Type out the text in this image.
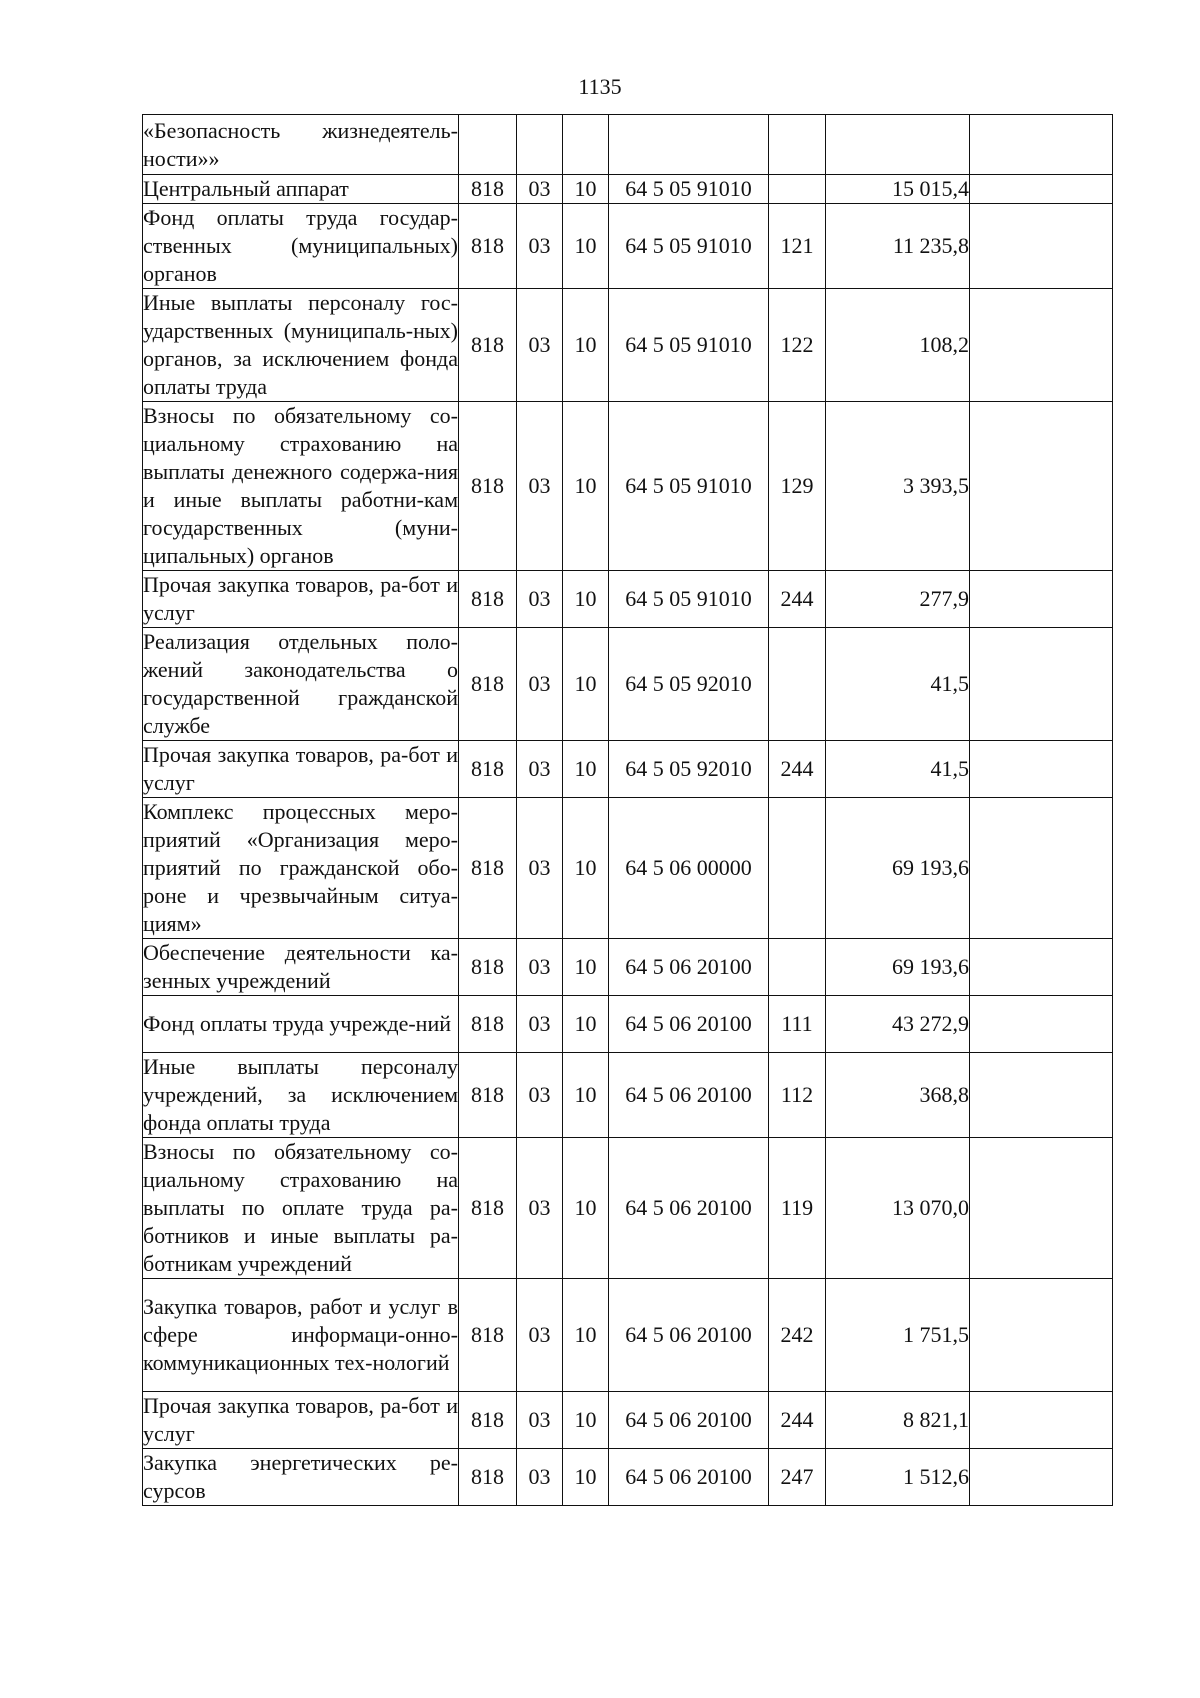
1135
«Безопасность жизнедеятель-ности»»							
Центральный аппарат	818	03	10	64 5 05 91010		15 015,4	
Фонд оплаты труда государ-ственных (муниципальных) органов	818	03	10	64 5 05 91010	121	11 235,8	
Иные выплаты персоналу гос-ударственных (муниципаль-ных) органов, за исключением фонда оплаты труда	818	03	10	64 5 05 91010	122	108,2	
Взносы по обязательному со-циальному страхованию на выплаты денежного содержа-ния и иные выплаты работни-кам государственных (муни-ципальных) органов	818	03	10	64 5 05 91010	129	3 393,5	
Прочая закупка товаров, ра-бот и услуг	818	03	10	64 5 05 91010	244	277,9	
Реализация отдельных поло-жений законодательства о государственной гражданской службе	818	03	10	64 5 05 92010		41,5	
Прочая закупка товаров, ра-бот и услуг	818	03	10	64 5 05 92010	244	41,5	
Комплекс процессных меро-приятий «Организация меро-приятий по гражданской обо-роне и чрезвычайным ситуа-циям»	818	03	10	64 5 06 00000		69 193,6	
Обеспечение деятельности ка-зенных учреждений	818	03	10	64 5 06 20100		69 193,6	
Фонд оплаты труда учрежде-ний	818	03	10	64 5 06 20100	111	43 272,9	
Иные выплаты персоналу учреждений, за исключением фонда оплаты труда	818	03	10	64 5 06 20100	112	368,8	
Взносы по обязательному со-циальному страхованию на выплаты по оплате труда ра-ботников и иные выплаты ра-ботникам учреждений	818	03	10	64 5 06 20100	119	13 070,0	
Закупка товаров, работ и услуг в сфере информаци-онно-коммуникационных тех-нологий	818	03	10	64 5 06 20100	242	1 751,5	
Прочая закупка товаров, ра-бот и услуг	818	03	10	64 5 06 20100	244	8 821,1	
Закупка энергетических ре-сурсов	818	03	10	64 5 06 20100	247	1 512,6	
